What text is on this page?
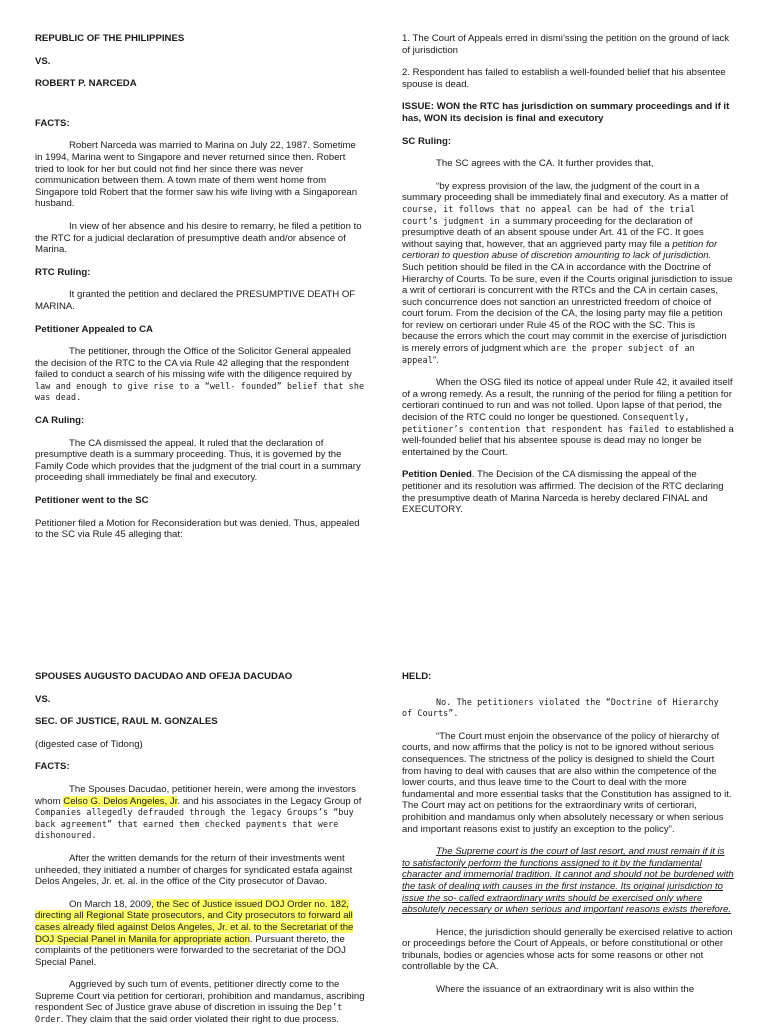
REPUBLIC OF THE PHILIPPINES

VS.

ROBERT P. NARCEDA

FACTS:

Robert Narceda was married to Marina on July 22, 1987. Sometime in 1994, Marina went to Singapore and never returned since then. Robert tried to look for her but could not find her since there was never communication between them. A town mate of them went home from Singapore told Robert that the former saw his wife living with a Singaporean husband.

In view of her absence and his desire to remarry, he filed a petition to the RTC for a judicial declaration of presumptive death and/or absence of Marina.

RTC Ruling:

It granted the petition and declared the PRESUMPTIVE DEATH OF MARINA.

Petitioner Appealed to CA

The petitioner, through the Office of the Solicitor General appealed the decision of the RTC to the CA via Rule 42 alleging that the respondent failed to conduct a search of his missing wife with the diligence required by law and enough to give rise to a “well- founded” belief that she was dead.

CA Ruling:

The CA dismissed the appeal. It ruled that the declaration of presumptive death is a summary proceeding. Thus, it is governed by the Family Code which provides that the judgment of the trial court in a summary proceeding shall immediately be final and executory.

Petitioner went to the SC

Petitioner filed a Motion for Reconsideration but was denied. Thus, appealed to the SC via Rule 45 alleging that:

1. The Court of Appeals erred in dismi’ssing the petition on the ground of lack of jurisdiction

2. Respondent has failed to establish a well-founded belief that his absentee spouse is dead.

ISSUE: WON the RTC has jurisdiction on summary proceedings and if it has, WON its decision is final and executory

SC Ruling:

The SC agrees with the CA. It further provides that,

“by express provision of the law, the judgment of the court in a summary proceeding shall be immediately final and executory. As a matter of course, it follows that no appeal can be had of the trial court’s judgment in a summary proceeding for the declaration of presumptive death of an absent spouse under Art. 41 of the FC. It goes without saying that, however, that an aggrieved party may file a petition for certiorari to question abuse of discretion amounting to lack of jurisdiction. Such petition should be filed in the CA in accordance with the Doctrine of Hierarchy of Courts. To be sure, even if the Courts original jurisdiction to issue a writ of certiorari is concurrent with the RTCs and the CA in certain cases, such concurrence does not sanction an unrestricted freedom of choice of court forum. From the decision of the CA, the losing party may file a petition for review on certiorari under Rule 45 of the ROC with the SC. This is because the errors which the court may commit in the exercise of jurisdiction is merely errors of judgment which are the proper subject of an appeal”.

When the OSG filed its notice of appeal under Rule 42, it availed itself of a wrong remedy. As a result, the running of the period for filing a petition for certiorari continued to run and was not tolled. Upon lapse of that period, the decision of the RTC could no longer be questioned. Consequently, petitioner’s contention that respondent has failed to established a well-founded belief that his absentee spouse is dead may no longer be entertained by the Court.

Petition Denied. The Decision of the CA dismissing the appeal of the petitioner and its resolution was affirmed. The decision of the RTC declaring the presumptive death of Marina Narceda is hereby declared FINAL and EXECUTORY.

SPOUSES AUGUSTO DACUDAO AND OFEJA DACUDAO

VS.

SEC. OF JUSTICE, RAUL M. GONZALES

(digested case of Tidong)

FACTS:

The Spouses Dacudao, petitioner herein, were among the investors whom Celso G. Delos Angeles, Jr. and his associates in the Legacy Group of Companies allegedly defrauded through the legacy Groups’s “buy back agreement” that earned them checked payments that were dishonoured.

After the written demands for the return of their investments went unheeded, they initiated a number of charges for syndicated estafa against Delos Angeles, Jr. et. al. in the office of the City prosecutor of Davao.

On March 18, 2009, the Sec of Justice issued DOJ Order no. 182, directing all Regional State prosecutors, and City prosecutors to forward all cases already filed against Delos Angeles, Jr. et al. to the Secretariat of the DOJ Special Panel in Manila for appropriate action. Pursuant thereto, the complaints of the petitioners were forwarded to the secretariat of the DOJ Special Panel.

Aggrieved by such turn of events, petitioner directly come to the Supreme Court via petition for certiorari, prohibition and mandamus, ascribing respondent Sec of Justice grave abuse of discretion in issuing the Dep’t Order. They claim that the said order violated their right to due process.

HELD:

No. The petitioners violated the “Doctrine of Hierarchy of Courts”.

“The Court must enjoin the observance of the policy of hierarchy of courts, and now affirms that the policy is not to be ignored without serious consequences. The strictness of the policy is designed to shield the Court from having to deal with causes that are also within the competence of the lower courts, and thus leave time to the Court to deal with the more fundamental and more essential tasks that the Constitution has assigned to it. The Court may act on petitions for the extraordinary writs of certiorari, prohibition and mandamus only when absolutely necessary or when serious and important reasons exist to justify an exception to the policy”.

The Supreme court is the court of last resort, and must remain if it is to satisfactorily perform the functions assigned to it by the fundamental character and immemorial tradition. It cannot and should not be burdened with the task of dealing with causes in the first instance. Its original jurisdiction to issue the so- called extraordinary writs should be exercised only where absolutely necessary or when serious and important reasons exists therefore.

Hence, the jurisdiction should generally be exercised relative to action or proceedings before the Court of Appeals, or before constitutional or other tribunals, bodies or agencies whose acts for some reasons or other not controllable by the CA.

Where the issuance of an extraordinary writ is also within the
